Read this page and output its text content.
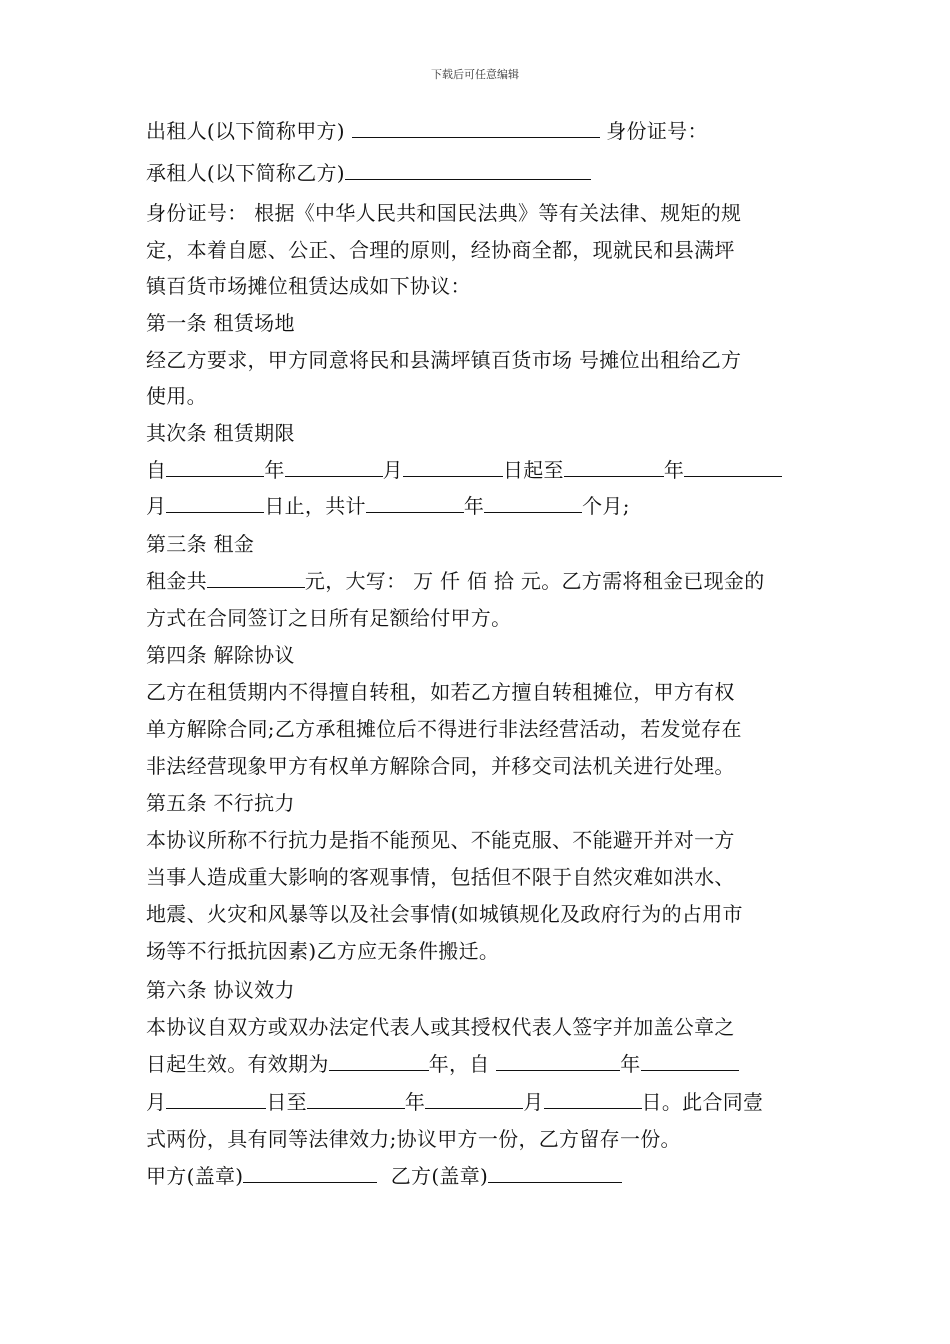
下载后可任意编辑
出租人(以下简称甲方)	身份证号：
承租人(以下简称乙方)
身份证号： 根据《中华人民共和国民法典》等有关法律、规矩的规
定，本着自愿、公正、合理的原则，经协商全都，现就民和县满坪
镇百货市场摊位租赁达成如下协议：
第一条 租赁场地
经乙方要求，甲方同意将民和县满坪镇百货市场 号摊位出租给乙方
使用。
其次条 租赁期限
自	年	月	日起至	年
月	日止，共计	年	个月;
第三条 租金
租金共	元，大写： 万 仟 佰 拾 元。乙方需将租金已现金的
方式在合同签订之日所有足额给付甲方。
第四条 解除协议
乙方在租赁期内不得擅自转租，如若乙方擅自转租摊位，甲方有权
单方解除合同;乙方承租摊位后不得进行非法经营活动，若发觉存在
非法经营现象甲方有权单方解除合同，并移交司法机关进行处理。
第五条 不行抗力
本协议所称不行抗力是指不能预见、不能克服、不能避开并对一方
当事人造成重大影响的客观事情，包括但不限于自然灾难如洪水、
地震、火灾和风暴等以及社会事情(如城镇规化及政府行为的占用市
场等不行抵抗因素)乙方应无条件搬迁。
第六条 协议效力
本协议自双方或双办法定代表人或其授权代表人签字并加盖公章之
日起生效。有效期为	年，自	年
月	日至	年	月	日。此合同壹
式两份，具有同等法律效力;协议甲方一份，乙方留存一份。
甲方(盖章)	乙方(盖章)
